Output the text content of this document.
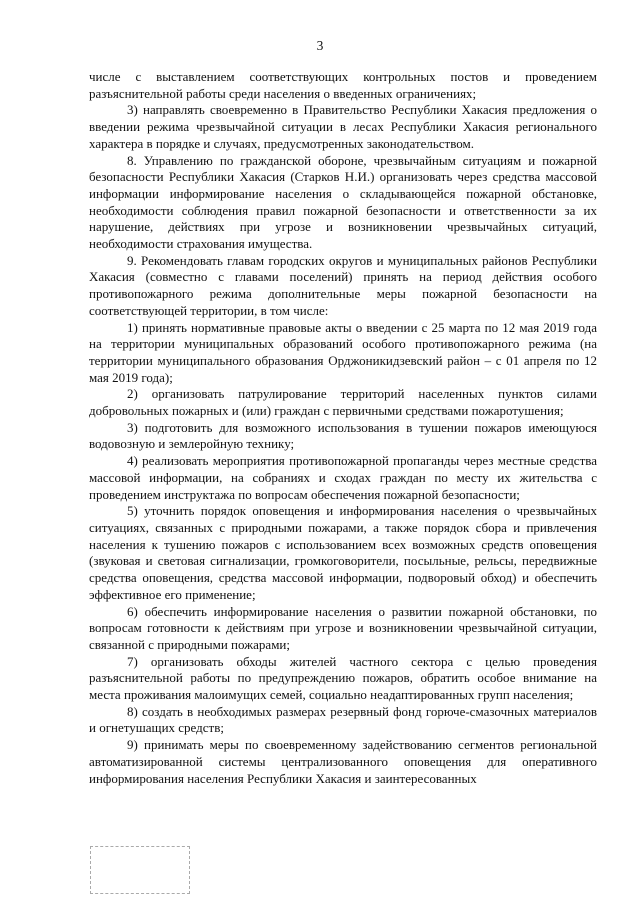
3

числе с выставлением соответствующих контрольных постов и проведением разъяснительной работы среди населения о введенных ограничениях;

3) направлять своевременно в Правительство Республики Хакасия предложения о введении режима чрезвычайной ситуации в лесах Республики Хакасия регионального характера в порядке и случаях, предусмотренных законодательством.

8. Управлению по гражданской обороне, чрезвычайным ситуациям и пожарной безопасности Республики Хакасия (Старков Н.И.) организовать через средства массовой информации информирование населения о складывающейся пожарной обстановке, необходимости соблюдения правил пожарной безопасности и ответственности за их нарушение, действиях при угрозе и возникновении чрезвычайных ситуаций, необходимости страхования имущества.

9. Рекомендовать главам городских округов и муниципальных районов Республики Хакасия (совместно с главами поселений) принять на период действия особого противопожарного режима дополнительные меры пожарной безопасности на соответствующей территории, в том числе:

1) принять нормативные правовые акты о введении с 25 марта по 12 мая 2019 года на территории муниципальных образований особого противопожарного режима (на территории муниципального образования Орджоникидзевский район – с 01 апреля по 12 мая 2019 года);

2) организовать патрулирование территорий населенных пунктов силами добровольных пожарных и (или) граждан с первичными средствами пожаротушения;

3) подготовить для возможного использования в тушении пожаров имеющуюся водовозную и землеройную технику;

4) реализовать мероприятия противопожарной пропаганды через местные средства массовой информации, на собраниях и сходах граждан по месту их жительства с проведением инструктажа по вопросам обеспечения пожарной безопасности;

5) уточнить порядок оповещения и информирования населения о чрезвычайных ситуациях, связанных с природными пожарами, а также порядок сбора и привлечения населения к тушению пожаров с использованием всех возможных средств оповещения (звуковая и световая сигнализации, громкоговорители, посыльные, рельсы, передвижные средства оповещения, средства массовой информации, подворовый обход) и обеспечить эффективное его применение;

6) обеспечить информирование населения о развитии пожарной обстановки, по вопросам готовности к действиям при угрозе и возникновении чрезвычайной ситуации, связанной с природными пожарами;

7) организовать обходы жителей частного сектора с целью проведения разъяснительной работы по предупреждению пожаров, обратить особое внимание на места проживания малоимущих семей, социально неадаптированных групп населения;

8) создать в необходимых размерах резервный фонд горюче-смазочных материалов и огнетушащих средств;

9) принимать меры по своевременному задействованию сегментов региональной автоматизированной системы централизованного оповещения для оперативного информирования населения Республики Хакасия и заинтересованных
